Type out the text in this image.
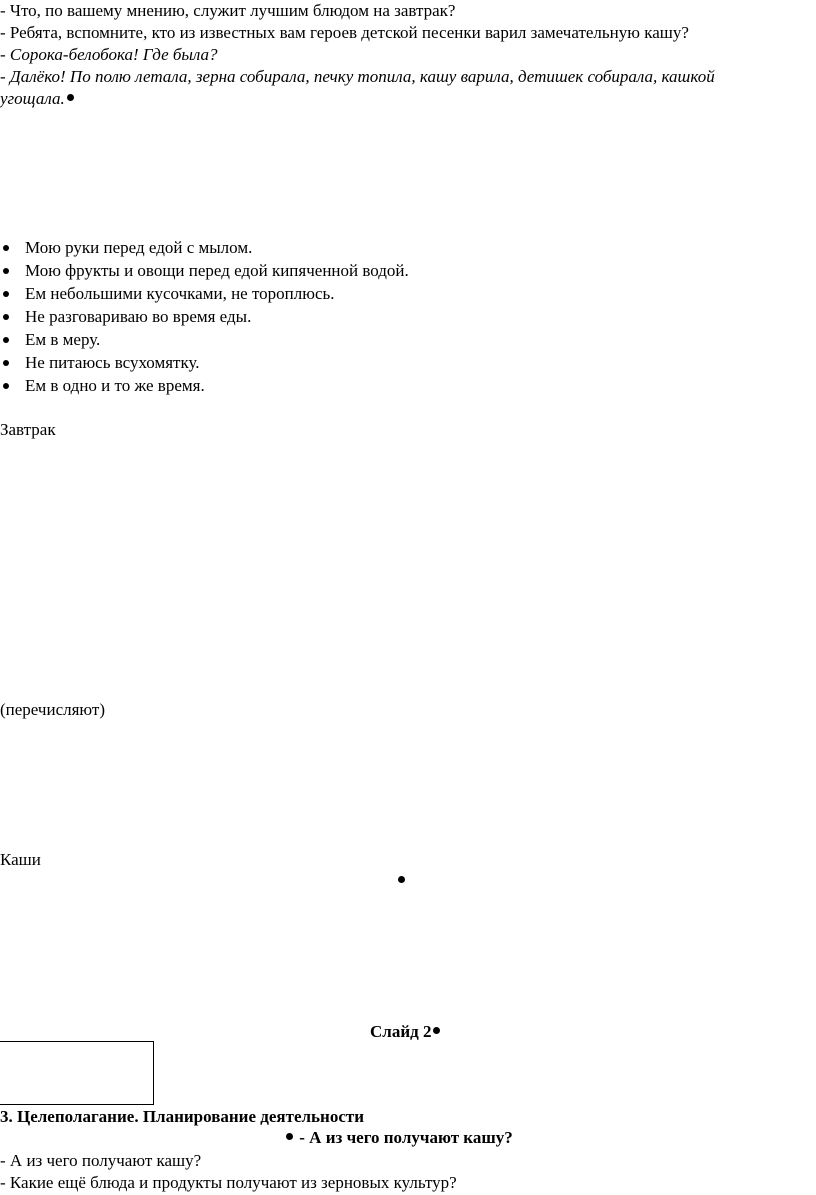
- Что, по вашему мнению, служит лучшим блюдом на завтрак?
- Ребята, вспомните, кто из известных вам героев детской песенки варил замечательную кашу?
- Сорока-белобока! Где была?
- Далёко! По полю летала, зерна собирала, печку топила, кашу варила, детишек собирала, кашкой
угощала.
Мою руки перед едой с мылом.
Мою фрукты и овощи перед едой кипяченной водой.
Ем небольшими кусочками, не тороплюсь.
Не разговариваю во время еды.
Ем в меру.
Не питаюсь всухомятку.
Ем в одно и то же время.
Завтрак
(перечисляют)
Каши
Слайд 2
3. Целеполагание. Планирование деятельности
- А из чего получают кашу?
- А из чего получают кашу?
- Какие ещё блюда и продукты получают из зерновых культур?
